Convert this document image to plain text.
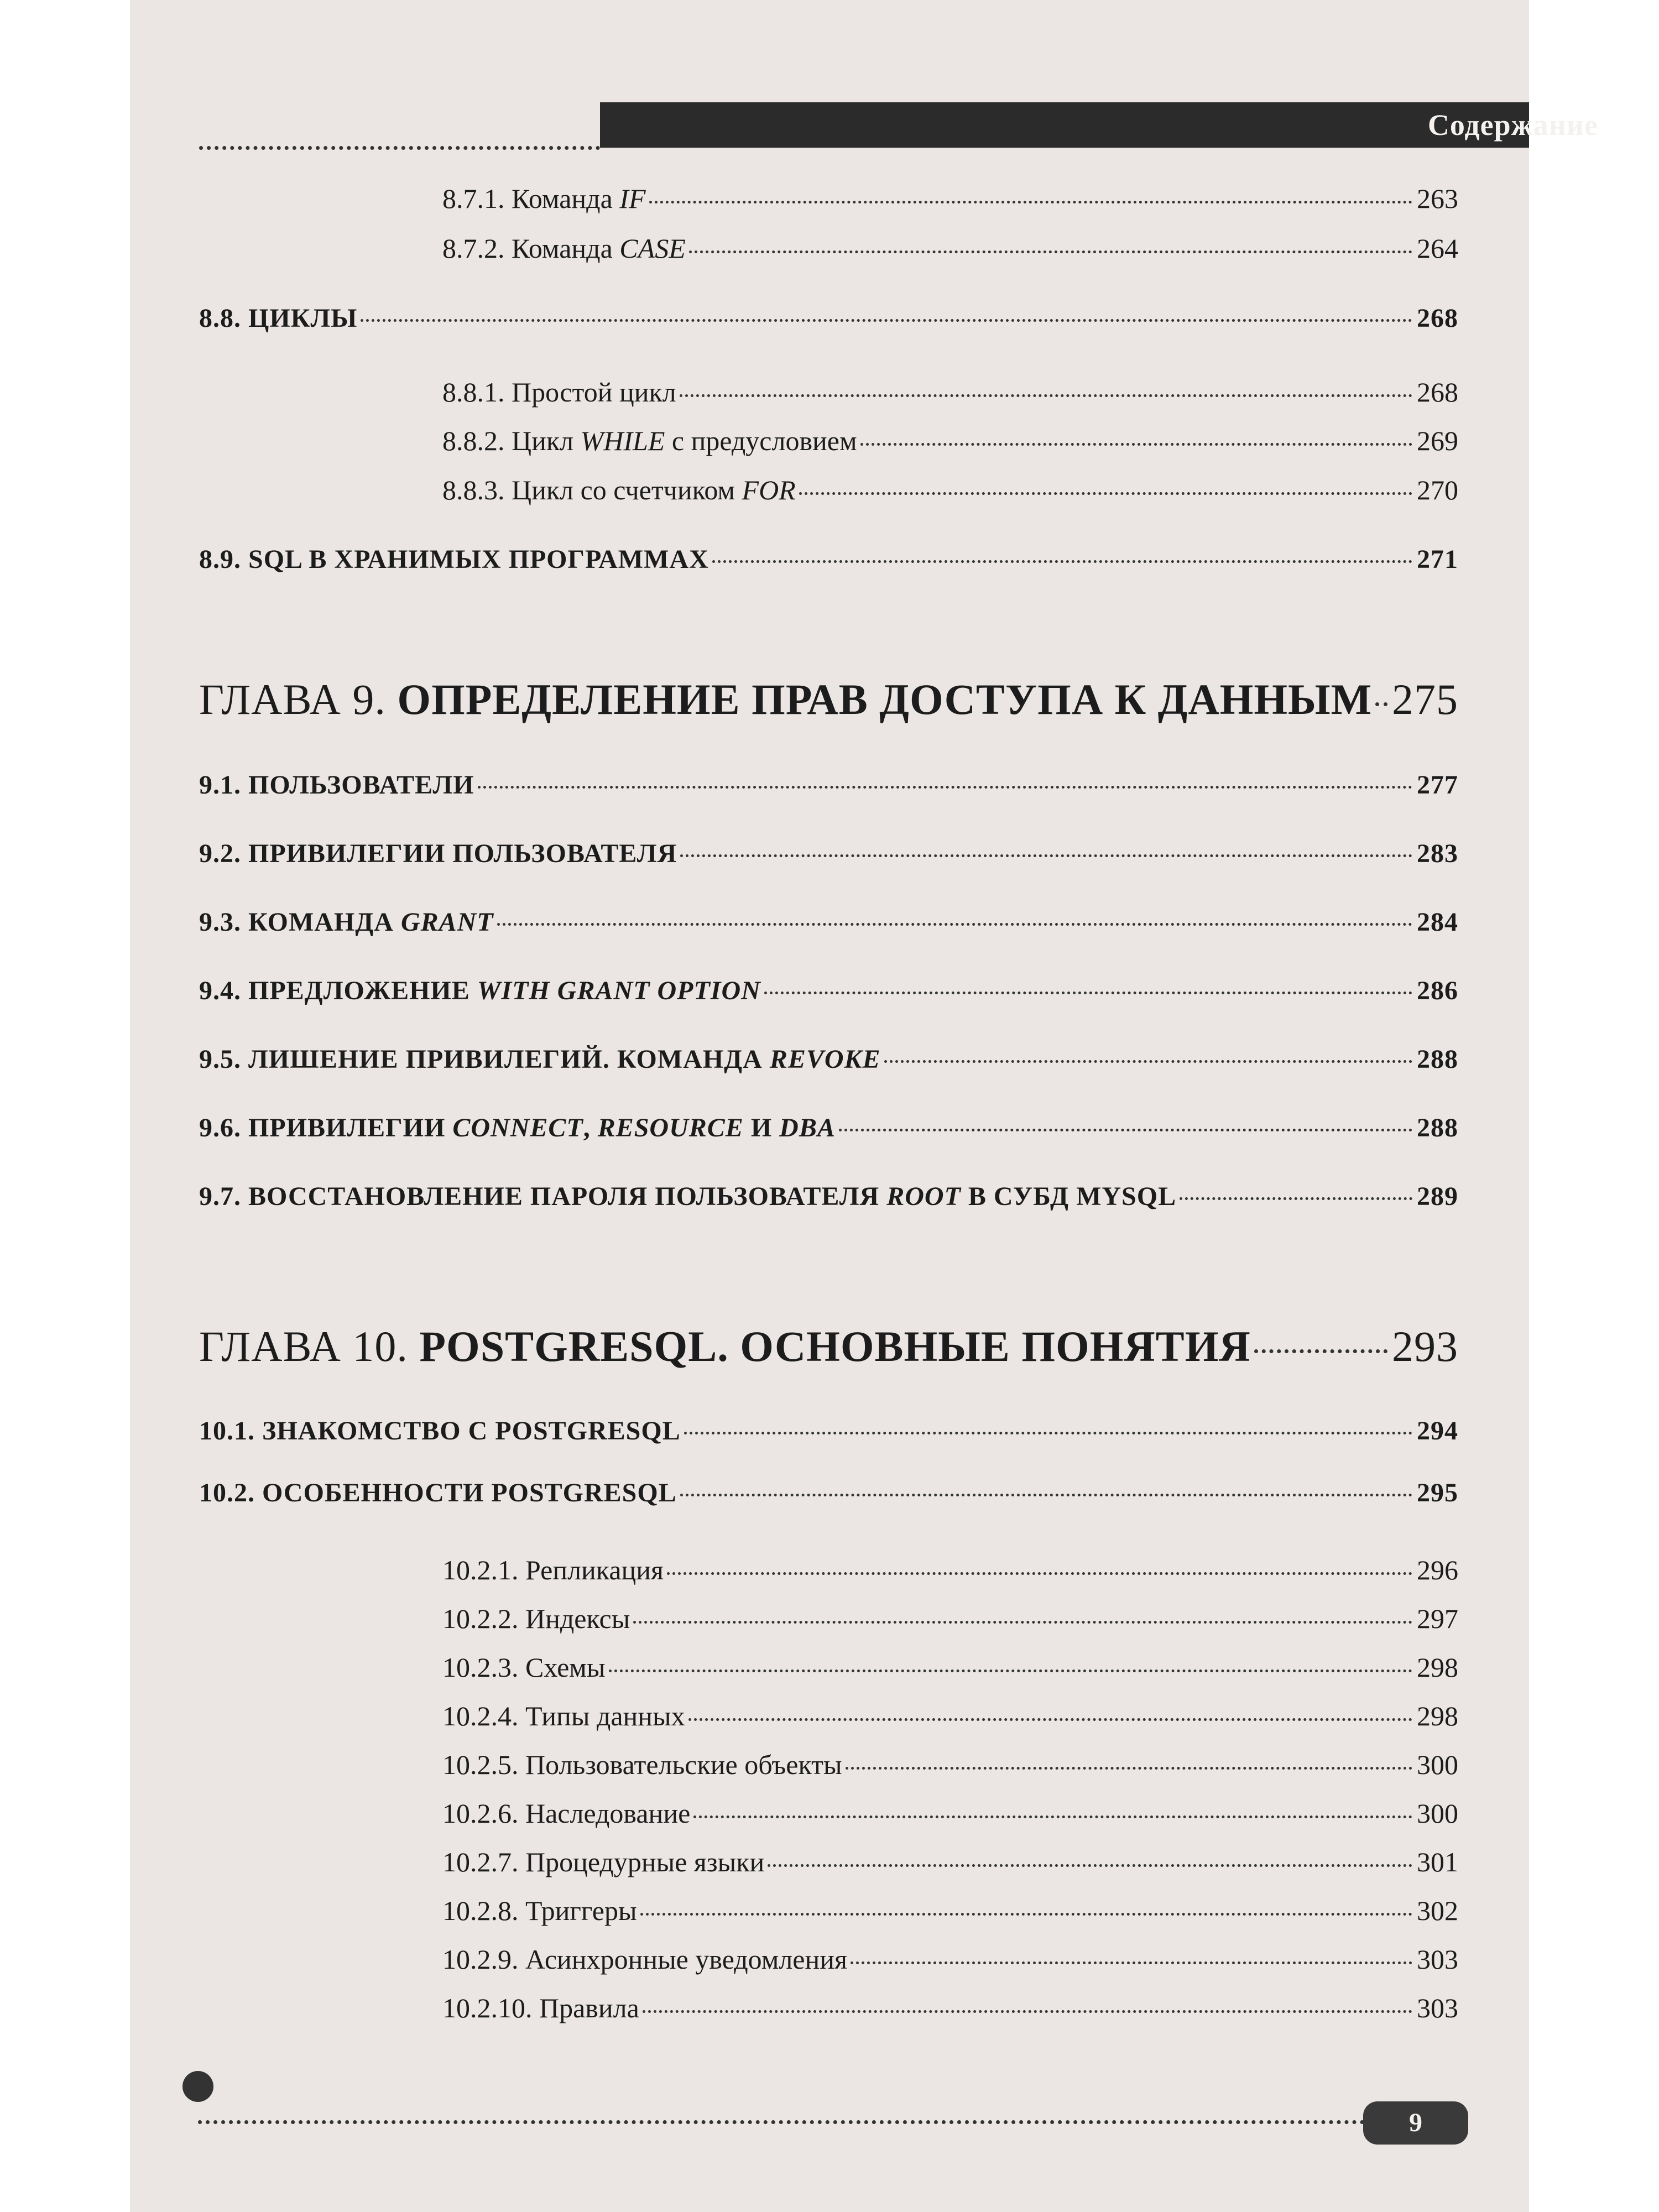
Содержание
8.7.1. Команда IF	263
8.7.2. Команда CASE	264
8.8. ЦИКЛЫ	268
8.8.1. Простой цикл	268
8.8.2. Цикл WHILE с предусловием	269
8.8.3. Цикл со счетчиком FOR	270
8.9. SQL В ХРАНИМЫХ ПРОГРАММАХ	271
ГЛАВА 9. ОПРЕДЕЛЕНИЕ ПРАВ ДОСТУПА К ДАННЫМ 275
9.1. ПОЛЬЗОВАТЕЛИ	277
9.2. ПРИВИЛЕГИИ ПОЛЬЗОВАТЕЛЯ	283
9.3. КОМАНДА GRANT	284
9.4. ПРЕДЛОЖЕНИЕ WITH GRANT OPTION	286
9.5. ЛИШЕНИЕ ПРИВИЛЕГИЙ. КОМАНДА REVOKE	288
9.6. ПРИВИЛЕГИИ CONNECT, RESOURCE И DBA	288
9.7. ВОССТАНОВЛЕНИЕ ПАРОЛЯ ПОЛЬЗОВАТЕЛЯ ROOT В СУБД MYSQL	289
ГЛАВА 10. POSTGRESQL. ОСНОВНЫЕ ПОНЯТИЯ	293
10.1. ЗНАКОМСТВО С POSTGRESQL	294
10.2. ОСОБЕННОСТИ POSTGRESQL	295
10.2.1. Репликация	296
10.2.2. Индексы	297
10.2.3. Схемы	298
10.2.4. Типы данных	298
10.2.5. Пользовательские объекты	300
10.2.6. Наследование	300
10.2.7. Процедурные языки	301
10.2.8. Триггеры	302
10.2.9. Асинхронные уведомления	303
10.2.10. Правила	303
9
